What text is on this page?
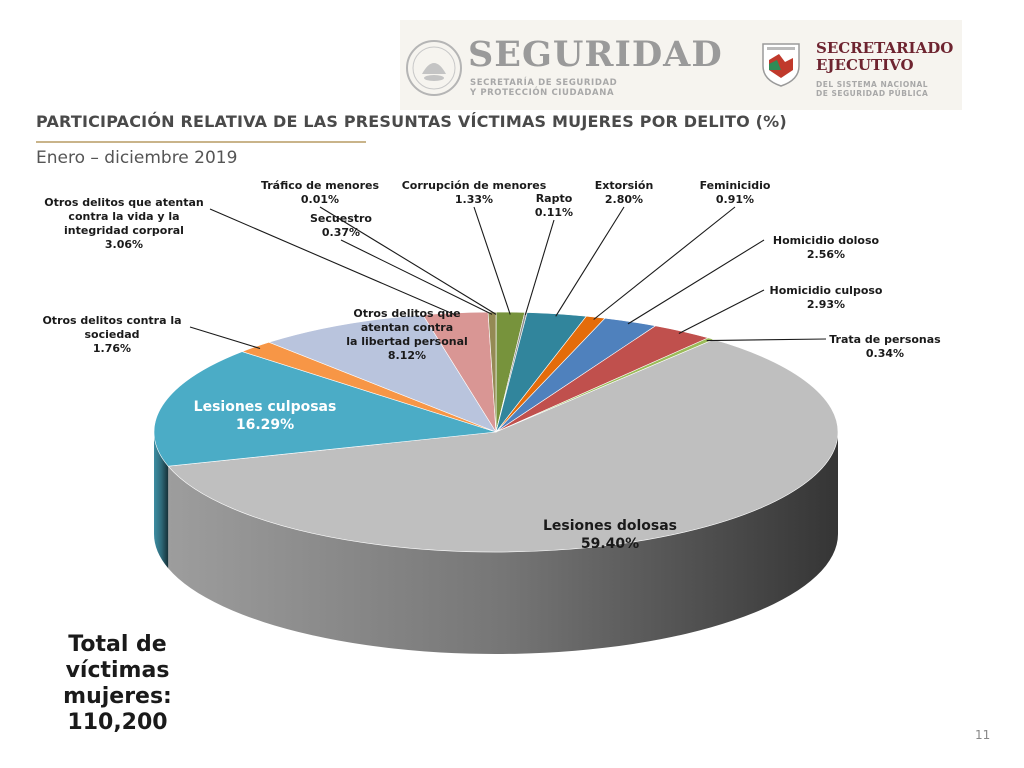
SEGURIDAD
SECRETARÍA DE SEGURIDAD
Y PROTECCIÓN CIUDADANA
SECRETARIADO
EJECUTIVO
DEL SISTEMA NACIONAL
DE SEGURIDAD PÚBLICA
PARTICIPACIÓN RELATIVA DE LAS PRESUNTAS VÍCTIMAS MUJERES POR DELITO (%)
Enero – diciembre 2019
Tráfico de menores 0.01%
Corrupción de menores 1.33%	Rapto 0.11%
Extorsión 2.80%
Feminicidio 0.91%
Homicidio doloso 2.56%
Homicidio culposo 2.93%
Trata de personas 0.34%
Lesiones dolosas 59.40%
Lesiones culposas 16.29%
Otros delitos contra la sociedad 1.76%
Otros delitos que atentan contra la libertad personal 8.12%
Otros delitos que atentan contra la vida y la integridad corporal 3.06%
Secuestro 0.37%
Total de víctimas
mujeres:
110,200	11
